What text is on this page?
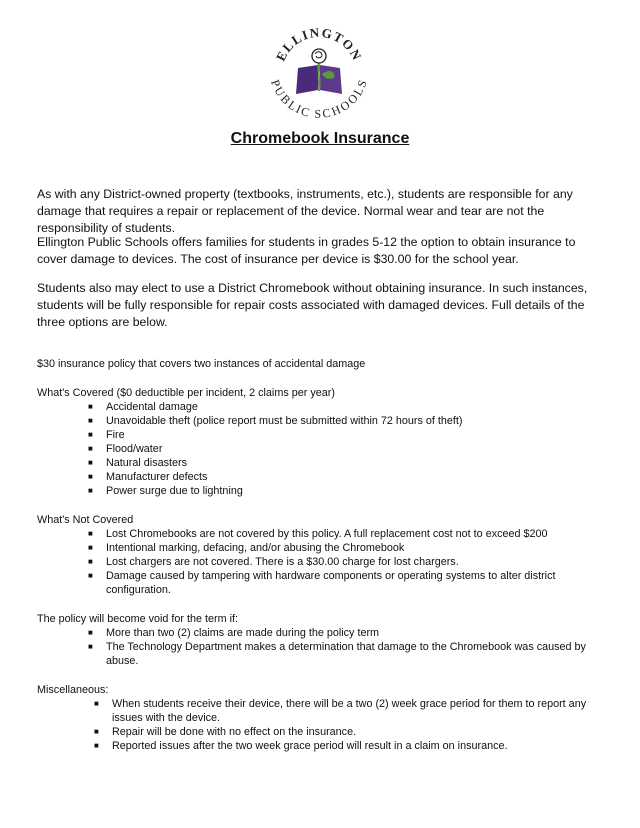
ELLINGTON
PUBLIC SCHOOLS
Chromebook Insurance

As with any District-owned property (textbooks, instruments, etc.), students are responsible for any damage that requires a repair or replacement of the device. Normal wear and tear are not the responsibility of students.

Ellington Public Schools offers families for students in grades 5-12 the option to obtain insurance to cover damage to devices. The cost of insurance per device is $30.00 for the school year.

Students also may elect to use a District Chromebook without obtaining insurance. In such instances, students will be fully responsible for repair costs associated with damaged devices. Full details of the three options are below.

$30 insurance policy that covers two instances of accidental damage

What's Covered ($0 deductible per incident, 2 claims per year)

■ Accidental damage
■ Unavoidable theft (police report must be submitted within 72 hours of theft)
■ Fire
■ Flood/water
■ Natural disasters
■ Manufacturer defects
■ Power surge due to lightning

What's Not Covered

■ Lost Chromebooks are not covered by this policy. A full replacement cost not to exceed $200
■ Intentional marking, defacing, and/or abusing the Chromebook
■ Lost chargers are not covered. There is a $30.00 charge for lost chargers.
■ Damage caused by tampering with hardware components or operating systems to alter district configuration.

The policy will become void for the term if:

■ More than two (2) claims are made during the policy term
■ The Technology Department makes a determination that damage to the Chromebook was caused by abuse.

Miscellaneous:

■ When students receive their device, there will be a two (2) week grace period for them to report any issues with the device.
■ Repair will be done with no effect on the insurance.
■ Reported issues after the two week grace period will result in a claim on insurance.
